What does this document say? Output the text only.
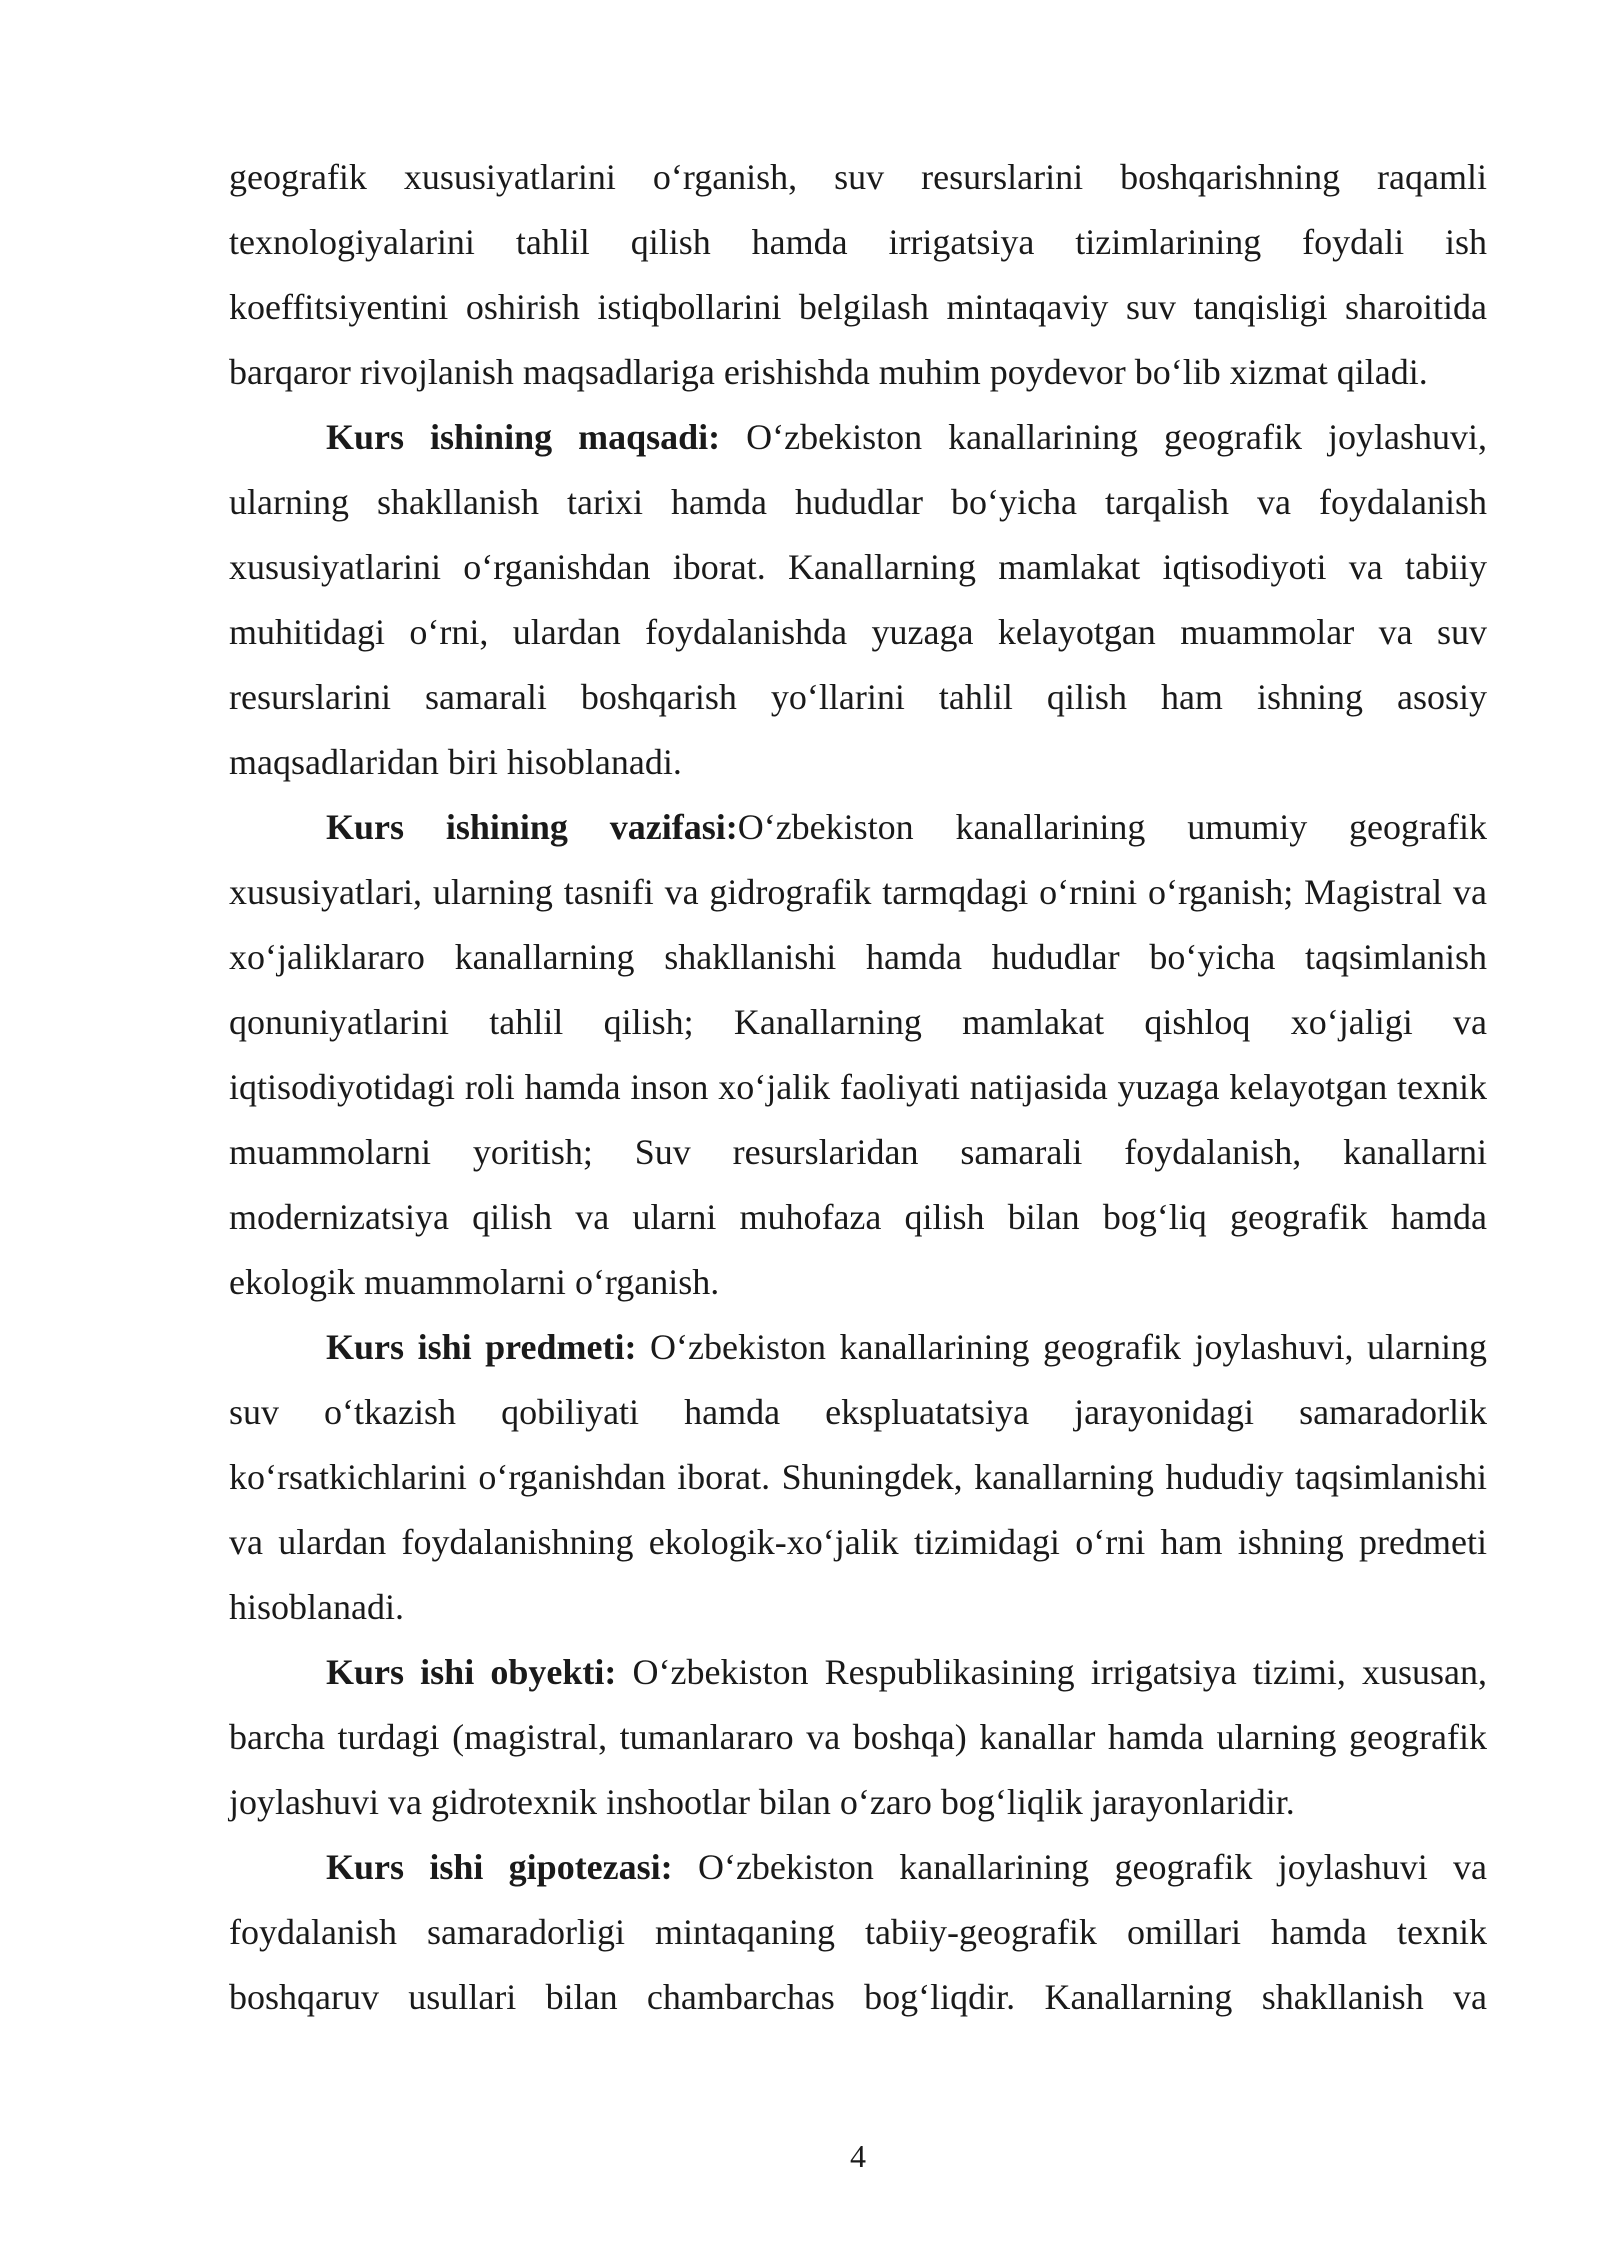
geografik xususiyatlarini o‘rganish, suv resurslarini boshqarishning raqamli texnologiyalarini tahlil qilish hamda irrigatsiya tizimlarining foydali ish koeffitsiyentini oshirish istiqbollarini belgilash mintaqaviy suv tanqisligi sharoitida barqaror rivojlanish maqsadlariga erishishda muhim poydevor bo‘lib xizmat qiladi.

Kurs ishining maqsadi: O‘zbekiston kanallarining geografik joylashuvi, ularning shakllanish tarixi hamda hududlar bo‘yicha tarqalish va foydalanish xususiyatlarini o‘rganishdan iborat. Kanallarning mamlakat iqtisodiyoti va tabiiy muhitidagi o‘rni, ulardan foydalanishda yuzaga kelayotgan muammolar va suv resurslarini samarali boshqarish yo‘llarini tahlil qilish ham ishning asosiy maqsadlaridan biri hisoblanadi.

Kurs ishining vazifasi:O‘zbekiston kanallarining umumiy geografik xususiyatlari, ularning tasnifi va gidrografik tarmqdagi o‘rnini o‘rganish; Magistral va xo‘jaliklararo kanallarning shakllanishi hamda hududlar bo‘yicha taqsimlanish qonuniyatlarini tahlil qilish; Kanallarning mamlakat qishloq xo‘jaligi va iqtisodiyotidagi roli hamda inson xo‘jalik faoliyati natijasida yuzaga kelayotgan texnik muammolarni yoritish; Suv resurslaridan samarali foydalanish, kanallarni modernizatsiya qilish va ularni muhofaza qilish bilan bog‘liq geografik hamda ekologik muammolarni o‘rganish.

Kurs ishi predmeti: O‘zbekiston kanallarining geografik joylashuvi, ularning suv o‘tkazish qobiliyati hamda ekspluatatsiya jarayonidagi samaradorlik ko‘rsatkichlarini o‘rganishdan iborat. Shuningdek, kanallarning hududiy taqsimlanishi va ulardan foydalanishning ekologik-xo‘jalik tizimidagi o‘rni ham ishning predmeti hisoblanadi.

Kurs ishi obyekti: O‘zbekiston Respublikasining irrigatsiya tizimi, xususan, barcha turdagi (magistral, tumanlararo va boshqa) kanallar hamda ularning geografik joylashuvi va gidrotexnik inshootlar bilan o‘zaro bog‘liqlik jarayonlaridir.

Kurs ishi gipotezasi: O‘zbekiston kanallarining geografik joylashuvi va foydalanish samaradorligi mintaqaning tabiiy-geografik omillari hamda texnik boshqaruv usullari bilan chambarchas bog‘liqdir. Kanallarning shakllanish va

4
